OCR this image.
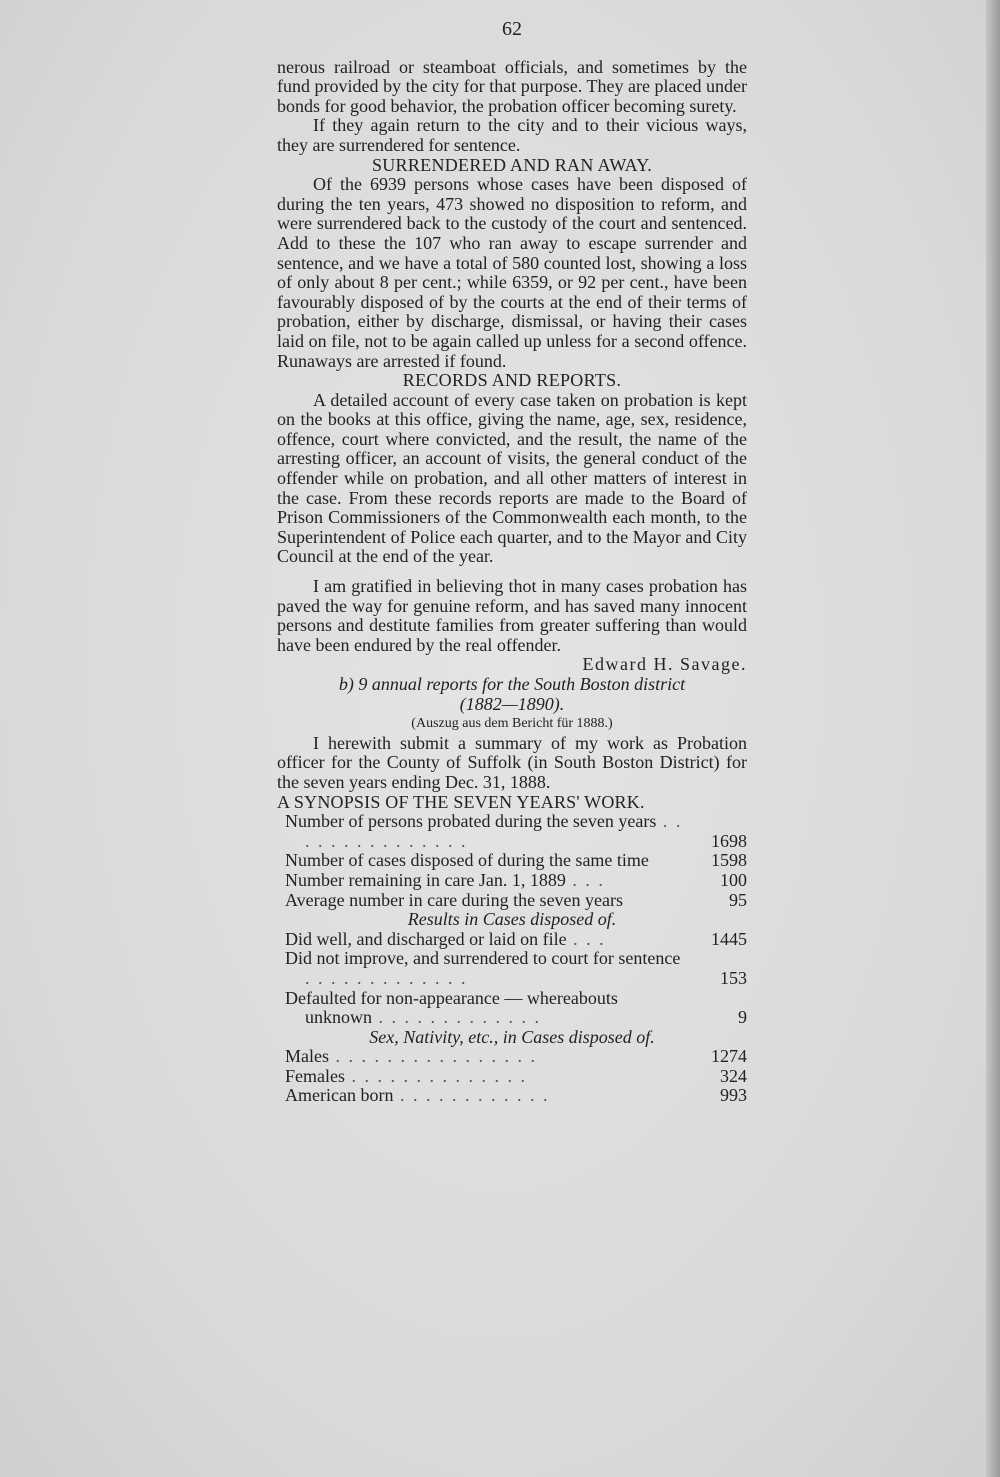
62

nerous railroad or steamboat officials, and sometimes by the fund provided by the city for that purpose. They are placed under bonds for good behavior, the probation officer becoming surety.

If they again return to the city and to their vicious ways, they are surrendered for sentence.

SURRENDERED AND RAN AWAY.

Of the 6939 persons whose cases have been disposed of during the ten years, 473 showed no disposition to reform, and were surrendered back to the custody of the court and sentenced. Add to these the 107 who ran away to escape surrender and sentence, and we have a total of 580 counted lost, showing a loss of only about 8 per cent.; while 6359, or 92 per cent., have been favourably disposed of by the courts at the end of their terms of probation, either by discharge, dismissal, or having their cases laid on file, not to be again called up unless for a second offence. Runaways are arrested if found.

RECORDS AND REPORTS.

A detailed account of every case taken on probation is kept on the books at this office, giving the name, age, sex, residence, offence, court where convicted, and the result, the name of the arresting officer, an account of visits, the general conduct of the offender while on probation, and all other matters of interest in the case. From these records reports are made to the Board of Prison Commissioners of the Commonwealth each month, to the Superintendent of Police each quarter, and to the Mayor and City Council at the end of the year.

I am gratified in believing thot in many cases probation has paved the way for genuine reform, and has saved many innocent persons and destitute families from greater suffering than would have been endured by the real offender.

Edward H. Savage.

b) 9 annual reports for the South Boston district

(1882—1890).

(Auszug aus dem Bericht für 1888.)

I herewith submit a summary of my work as Probation officer for the County of Suffolk (in South Boston District) for the seven years ending Dec. 31, 1888.

A SYNOPSIS OF THE SEVEN YEARS' WORK.

Number of persons probated during the seven years . . . . . . . . . . . . . . .	1698
Number of cases disposed of during the same time	1598
Number remaining in care Jan. 1, 1889 . . .	100
Average number in care during the seven years	95

Results in Cases disposed of.

Did well, and discharged or laid on file . . .	1445
Did not improve, and surrendered to court for sentence . . . . . . . . . . . . .	153
Defaulted for non-appearance — whereabouts unknown . . . . . . . . . . . . .	9

Sex, Nativity, etc., in Cases disposed of.

Males . . . . . . . . . . . . . . . .	1274
Females . . . . . . . . . . . . . .	324
American born . . . . . . . . . . . .	993
